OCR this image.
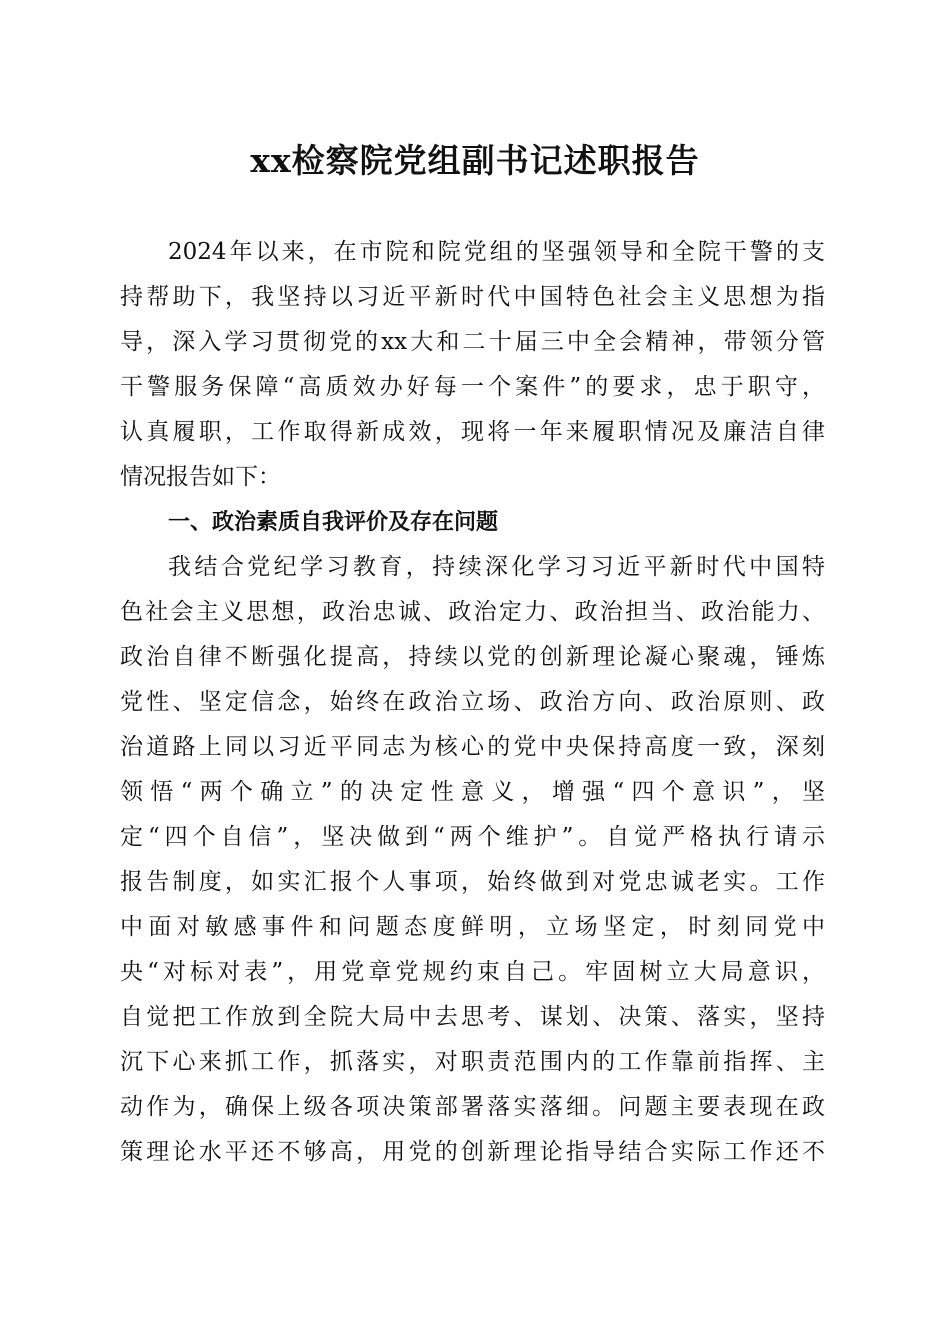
xx检察院党组副书记述职报告
2024年以来，在市院和院党组的坚强领导和全院干警的支
持帮助下，我坚持以习近平新时代中国特色社会主义思想为指
导，深入学习贯彻党的xx大和二十届三中全会精神，带领分管
干警服务保障“高质效办好每一个案件”的要求，忠于职守，
认真履职，工作取得新成效，现将一年来履职情况及廉洁自律
情况报告如下：
一、政治素质自我评价及存在问题
我结合党纪学习教育，持续深化学习习近平新时代中国特
色社会主义思想，政治忠诚、政治定力、政治担当、政治能力、
政治自律不断强化提高，持续以党的创新理论凝心聚魂，锤炼
党性、坚定信念，始终在政治立场、政治方向、政治原则、政
治道路上同以习近平同志为核心的党中央保持高度一致，深刻
领悟“两个确立”的决定性意义，增强“四个意识”，坚
定“四个自信”，坚决做到“两个维护”。自觉严格执行请示
报告制度，如实汇报个人事项，始终做到对党忠诚老实。工作
中面对敏感事件和问题态度鲜明，立场坚定，时刻同党中
央“对标对表”，用党章党规约束自己。牢固树立大局意识，
自觉把工作放到全院大局中去思考、谋划、决策、落实，坚持
沉下心来抓工作，抓落实，对职责范围内的工作靠前指挥、主
动作为，确保上级各项决策部署落实落细。问题主要表现在政
策理论水平还不够高，用党的创新理论指导结合实际工作还不
